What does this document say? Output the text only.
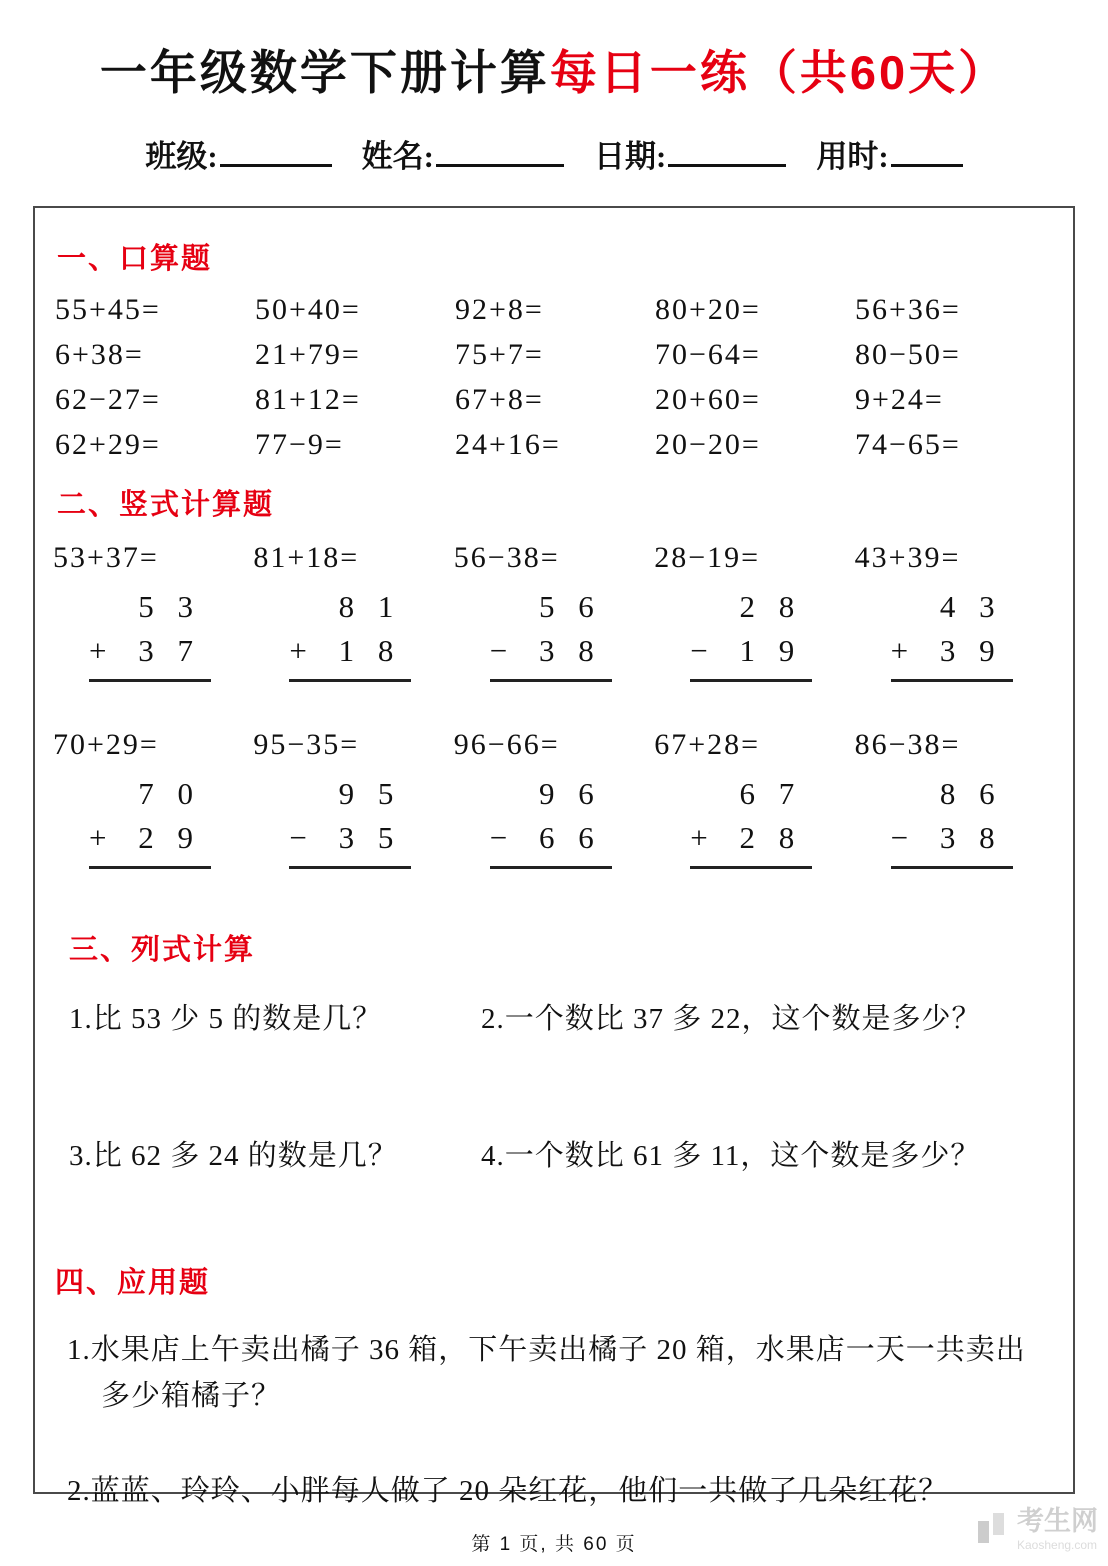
一年级数学下册计算每日一练（共60天）
班级:	姓名:	日期:	用时:
一、口算题
55+45=	50+40=	92+8=	80+20=	56+36=
6+38=	21+79=	75+7=	70−64=	80−50=
62−27=	81+12=	67+8=	20+60=	9+24=
62+29=	77−9=	24+16=	20−20=	74−65=
二、竖式计算题
53+37=
5 3
+ 3 7
81+18=
8 1
+ 1 8
56−38=
5 6
− 3 8
28−19=
2 8
− 1 9
43+39=
4 3
+ 3 9
70+29=
7 0
+ 2 9
95−35=
9 5
− 3 5
96−66=
9 6
− 6 6
67+28=
6 7
+ 2 8
86−38=
8 6
− 3 8
三、列式计算
1.比 53 少 5 的数是几？	2.一个数比 37 多 22，这个数是多少？
3.比 62 多 24 的数是几？	4.一个数比 61 多 11，这个数是多少？
四、应用题
1.水果店上午卖出橘子 36 箱，下午卖出橘子 20 箱，水果店一天一共卖出多少箱橘子？
2.蓝蓝、玲玲、小胖每人做了 20 朵红花，他们一共做了几朵红花？
第 1 页, 共 60 页
考生网
Kaosheng.com
